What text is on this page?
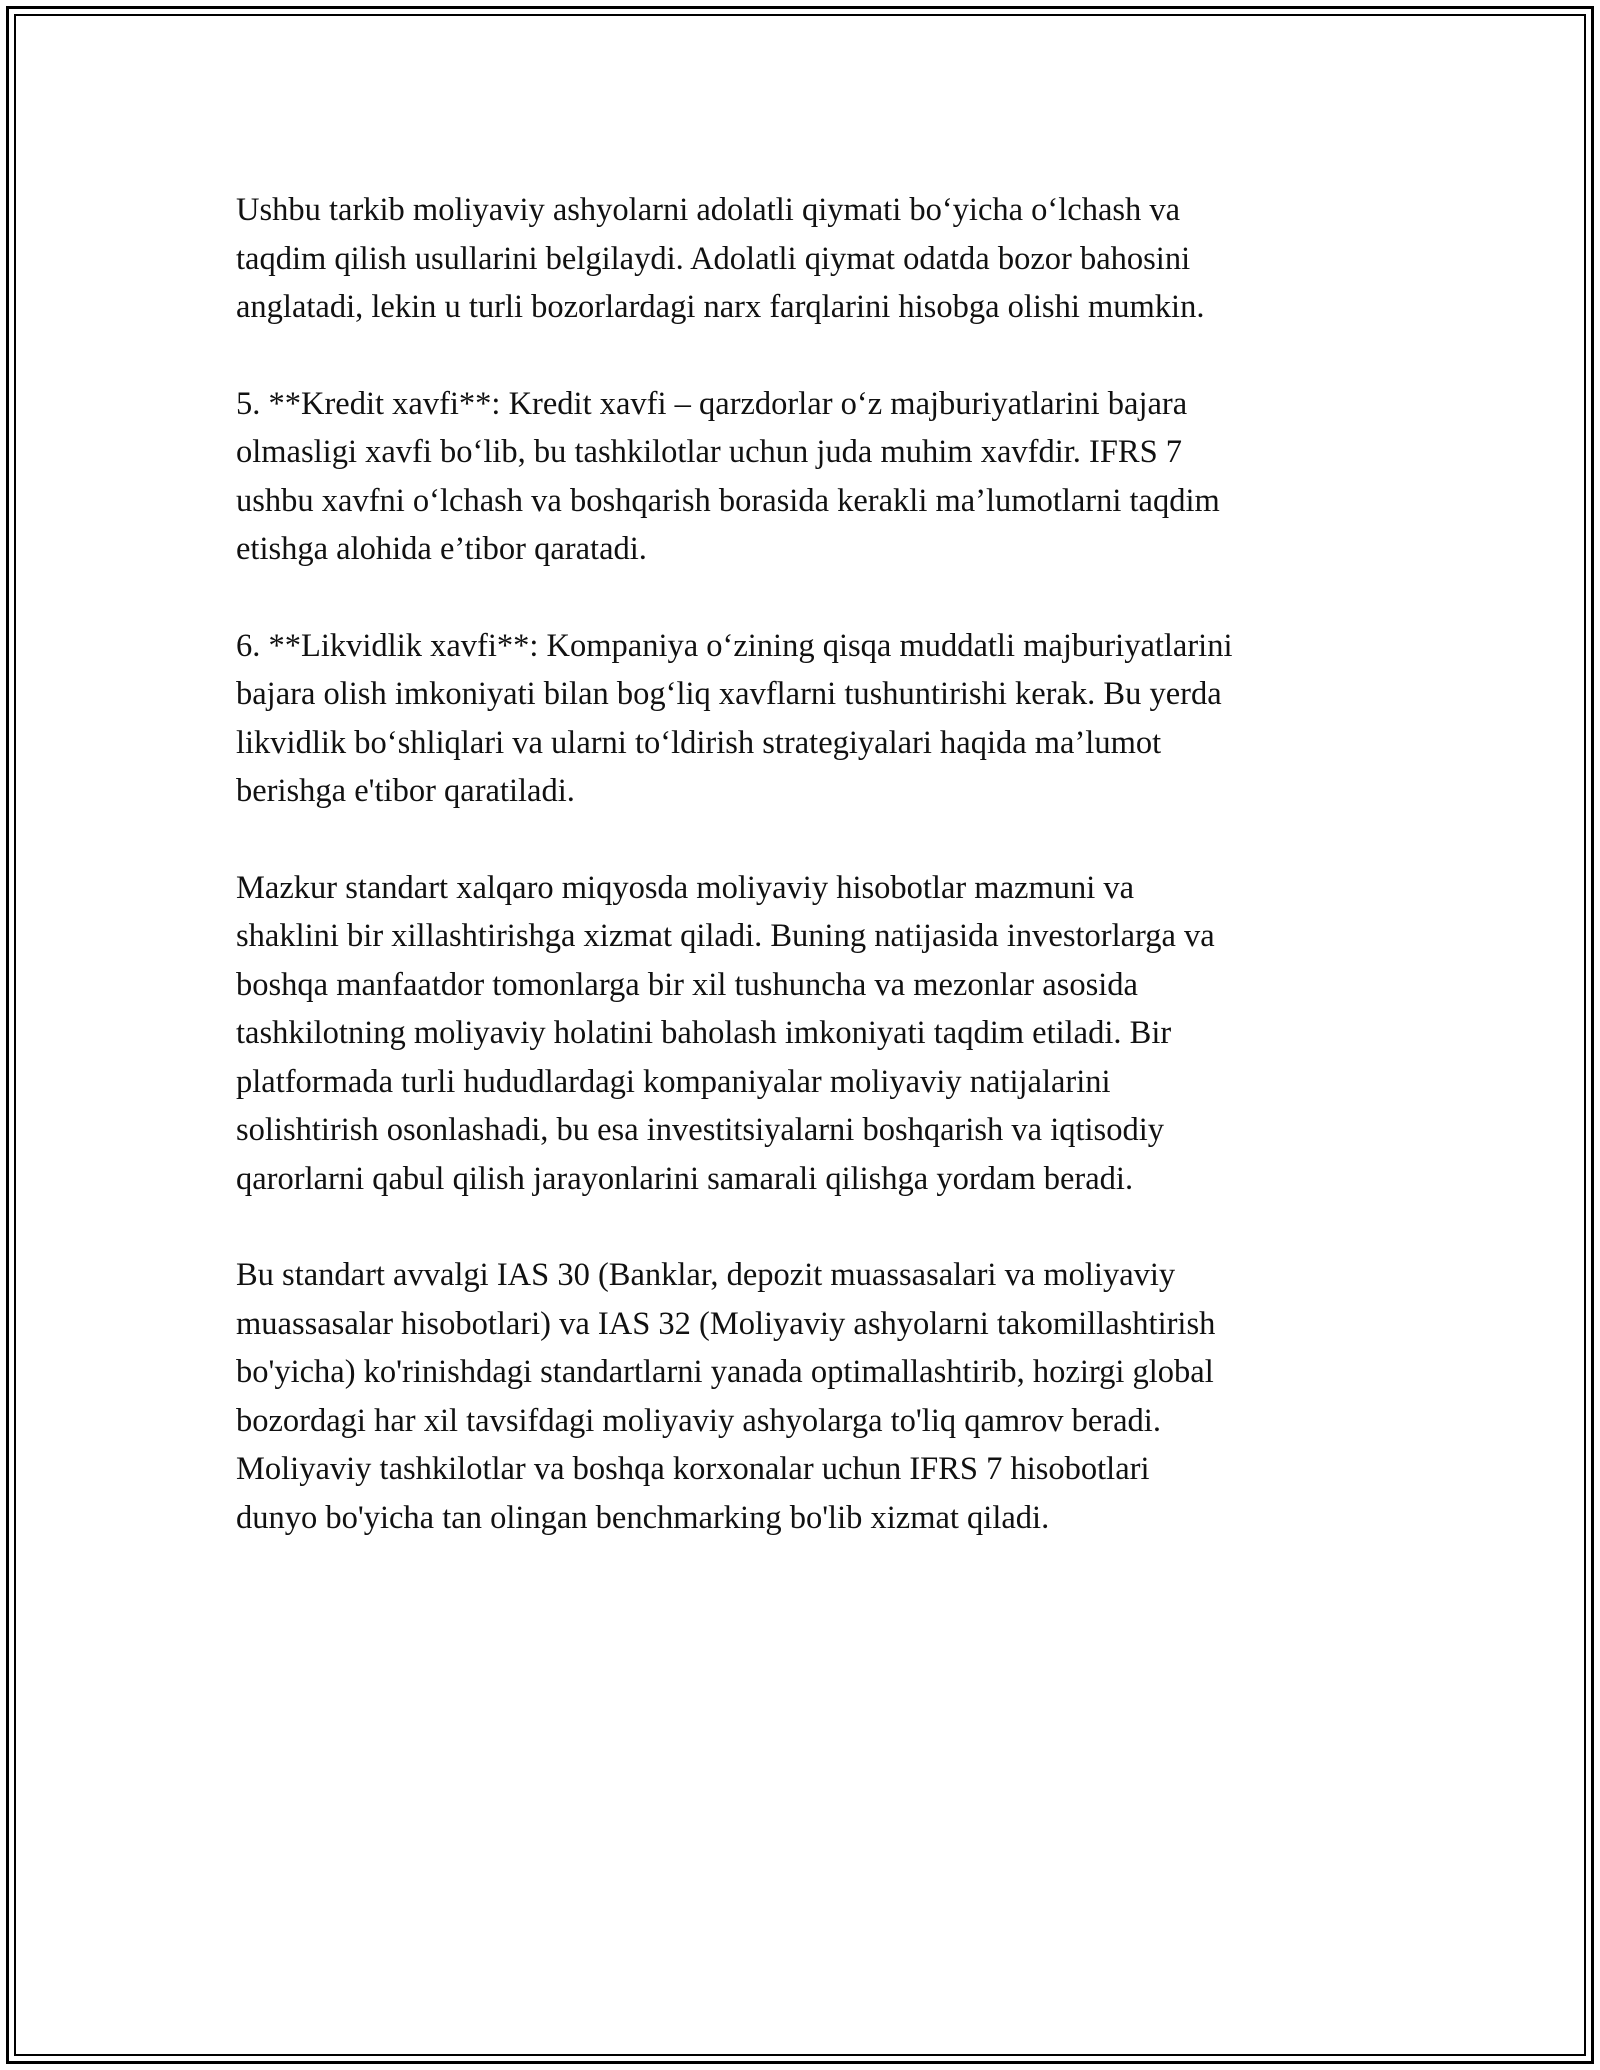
Ushbu tarkib moliyaviy ashyolarni adolatli qiymati bo‘yicha o‘lchash va
taqdim qilish usullarini belgilaydi. Adolatli qiymat odatda bozor bahosini
anglatadi, lekin u turli bozorlardagi narx farqlarini hisobga olishi mumkin.

5. **Kredit xavfi**: Kredit xavfi – qarzdorlar o‘z majburiyatlarini bajara
olmasligi xavfi bo‘lib, bu tashkilotlar uchun juda muhim xavfdir. IFRS 7
ushbu xavfni o‘lchash va boshqarish borasida kerakli ma’lumotlarni taqdim
etishga alohida e’tibor qaratadi.

6. **Likvidlik xavfi**: Kompaniya o‘zining qisqa muddatli majburiyatlarini
bajara olish imkoniyati bilan bog‘liq xavflarni tushuntirishi kerak. Bu yerda
likvidlik bo‘shliqlari va ularni to‘ldirish strategiyalari haqida ma’lumot
berishga e'tibor qaratiladi.

Mazkur standart xalqaro miqyosda moliyaviy hisobotlar mazmuni va
shaklini bir xillashtirishga xizmat qiladi. Buning natijasida investorlarga va
boshqa manfaatdor tomonlarga bir xil tushuncha va mezonlar asosida
tashkilotning moliyaviy holatini baholash imkoniyati taqdim etiladi. Bir
platformada turli hududlardagi kompaniyalar moliyaviy natijalarini
solishtirish osonlashadi, bu esa investitsiyalarni boshqarish va iqtisodiy
qarorlarni qabul qilish jarayonlarini samarali qilishga yordam beradi.

Bu standart avvalgi IAS 30 (Banklar, depozit muassasalari va moliyaviy
muassasalar hisobotlari) va IAS 32 (Moliyaviy ashyolarni takomillashtirish
bo'yicha) ko'rinishdagi standartlarni yanada optimallashtirib, hozirgi global
bozordagi har xil tavsifdagi moliyaviy ashyolarga to'liq qamrov beradi.
Moliyaviy tashkilotlar va boshqa korxonalar uchun IFRS 7 hisobotlari
dunyo bo'yicha tan olingan benchmarking bo'lib xizmat qiladi.
